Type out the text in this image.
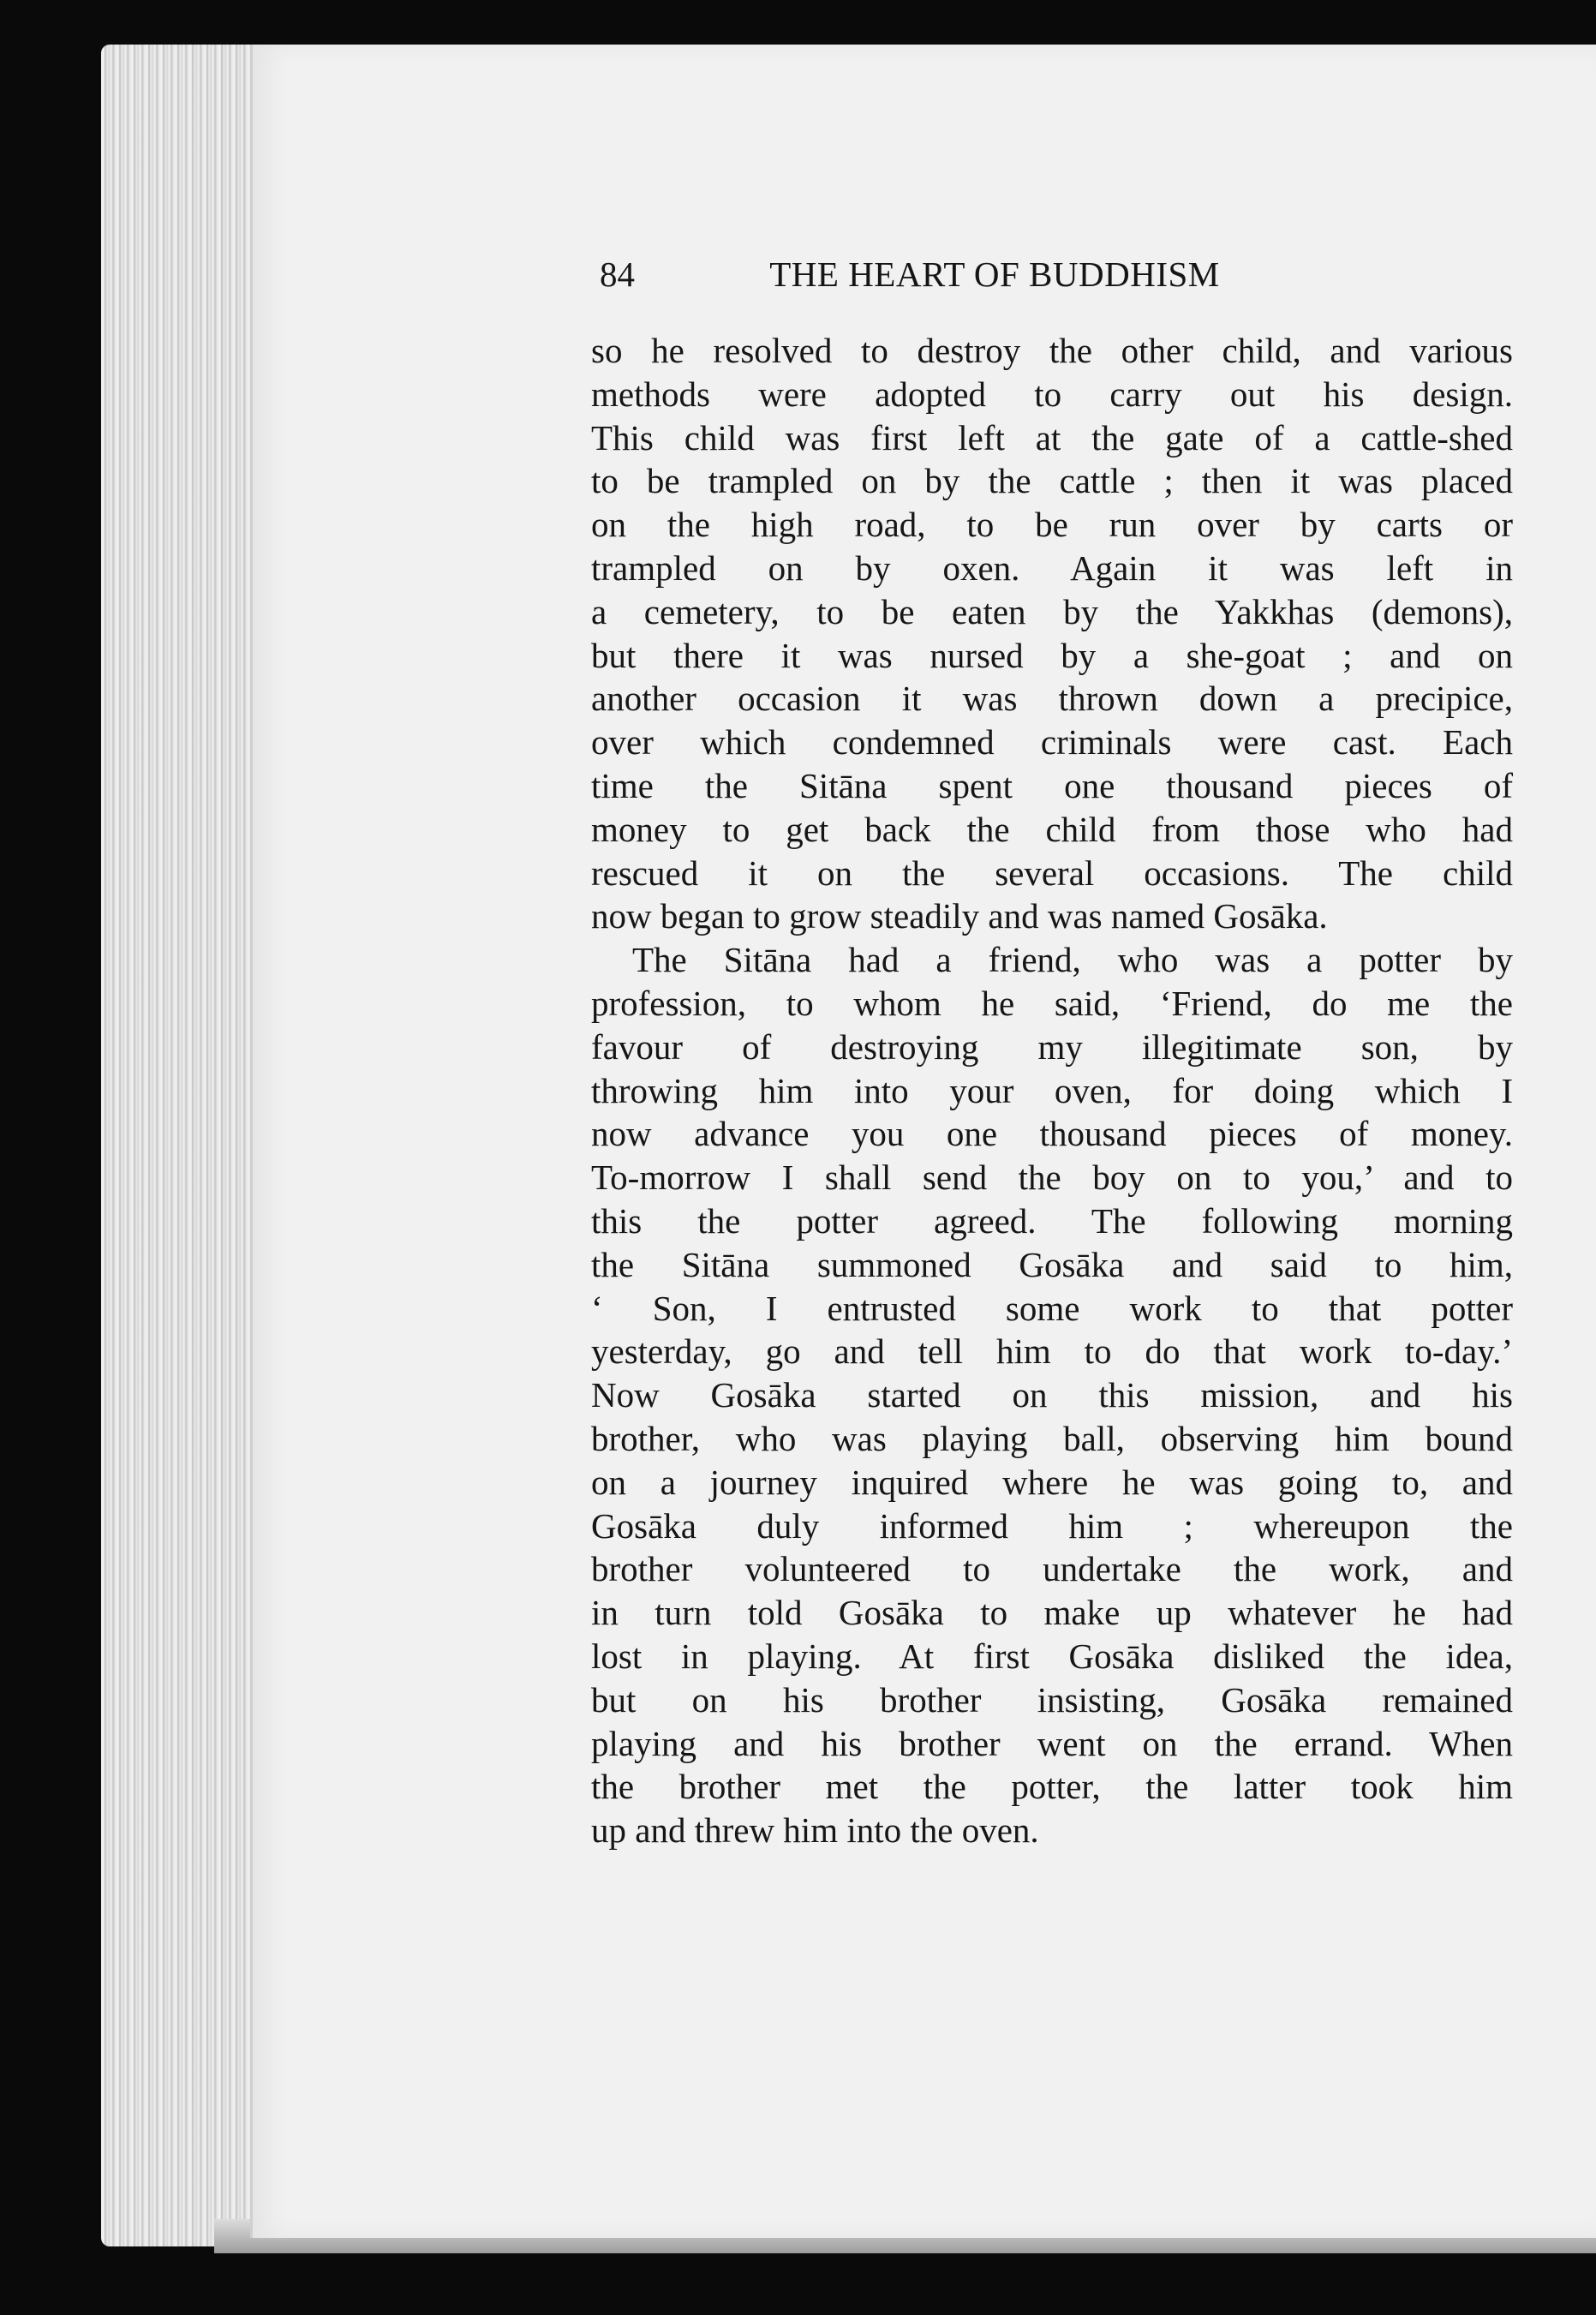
84	THE HEART OF BUDDHISM
so he resolved to destroy the other child, and various
methods were adopted to carry out his design.
This child was first left at the gate of a cattle-shed
to be trampled on by the cattle ; then it was placed
on the high road, to be run over by carts or
trampled on by oxen. Again it was left in
a cemetery, to be eaten by the Yakkhas (demons),
but there it was nursed by a she-goat ; and on
another occasion it was thrown down a precipice,
over which condemned criminals were cast. Each
time the Sitāna spent one thousand pieces of
money to get back the child from those who had
rescued it on the several occasions. The child
now began to grow steadily and was named Gosāka.
The Sitāna had a friend, who was a potter by
profession, to whom he said, ‘Friend, do me the
favour of destroying my illegitimate son, by
throwing him into your oven, for doing which I
now advance you one thousand pieces of money.
To-morrow I shall send the boy on to you,’ and to
this the potter agreed. The following morning
the Sitāna summoned Gosāka and said to him,
‘ Son, I entrusted some work to that potter
yesterday, go and tell him to do that work to-day.’
Now Gosāka started on this mission, and his
brother, who was playing ball, observing him bound
on a journey inquired where he was going to, and
Gosāka duly informed him ; whereupon the
brother volunteered to undertake the work, and
in turn told Gosāka to make up whatever he had
lost in playing. At first Gosāka disliked the idea,
but on his brother insisting, Gosāka remained
playing and his brother went on the errand. When
the brother met the potter, the latter took him
up and threw him into the oven.
